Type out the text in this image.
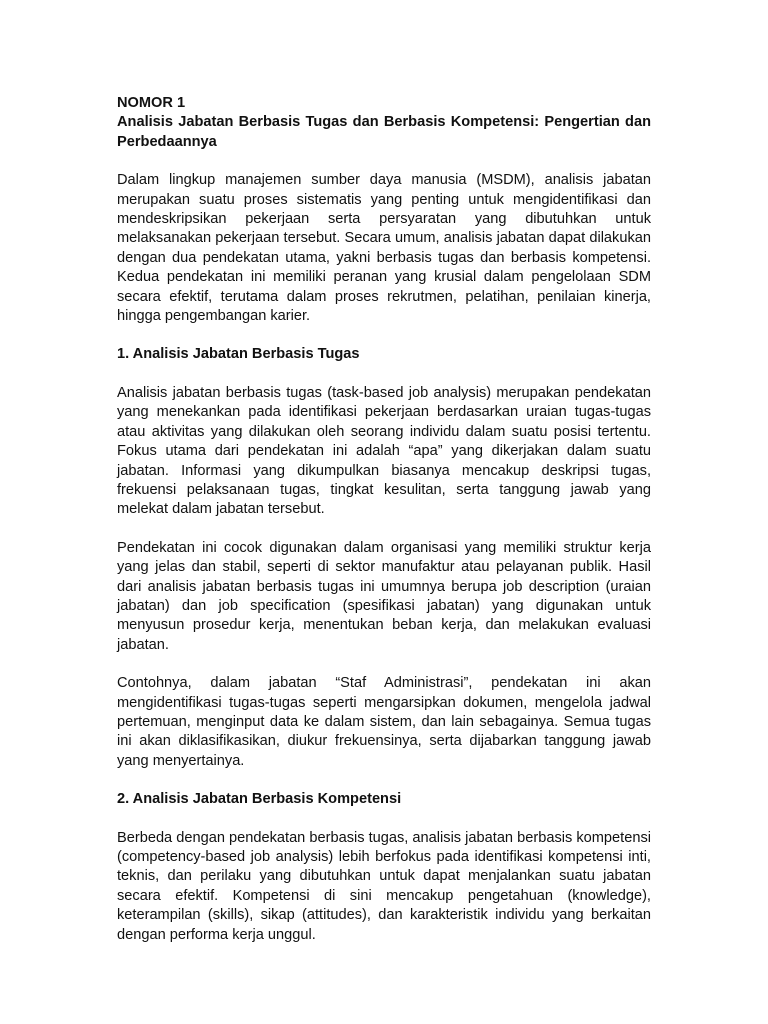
NOMOR 1

Analisis Jabatan Berbasis Tugas dan Berbasis Kompetensi: Pengertian dan Perbedaannya

Dalam lingkup manajemen sumber daya manusia (MSDM), analisis jabatan merupakan suatu proses sistematis yang penting untuk mengidentifikasi dan mendeskripsikan pekerjaan serta persyaratan yang dibutuhkan untuk melaksanakan pekerjaan tersebut. Secara umum, analisis jabatan dapat dilakukan dengan dua pendekatan utama, yakni berbasis tugas dan berbasis kompetensi. Kedua pendekatan ini memiliki peranan yang krusial dalam pengelolaan SDM secara efektif, terutama dalam proses rekrutmen, pelatihan, penilaian kinerja, hingga pengembangan karier.

1. Analisis Jabatan Berbasis Tugas

Analisis jabatan berbasis tugas (task-based job analysis) merupakan pendekatan yang menekankan pada identifikasi pekerjaan berdasarkan uraian tugas-tugas atau aktivitas yang dilakukan oleh seorang individu dalam suatu posisi tertentu. Fokus utama dari pendekatan ini adalah “apa” yang dikerjakan dalam suatu jabatan. Informasi yang dikumpulkan biasanya mencakup deskripsi tugas, frekuensi pelaksanaan tugas, tingkat kesulitan, serta tanggung jawab yang melekat dalam jabatan tersebut.

Pendekatan ini cocok digunakan dalam organisasi yang memiliki struktur kerja yang jelas dan stabil, seperti di sektor manufaktur atau pelayanan publik. Hasil dari analisis jabatan berbasis tugas ini umumnya berupa job description (uraian jabatan) dan job specification (spesifikasi jabatan) yang digunakan untuk menyusun prosedur kerja, menentukan beban kerja, dan melakukan evaluasi jabatan.

Contohnya, dalam jabatan “Staf Administrasi”, pendekatan ini akan mengidentifikasi tugas-tugas seperti mengarsipkan dokumen, mengelola jadwal pertemuan, menginput data ke dalam sistem, dan lain sebagainya. Semua tugas ini akan diklasifikasikan, diukur frekuensinya, serta dijabarkan tanggung jawab yang menyertainya.

2. Analisis Jabatan Berbasis Kompetensi

Berbeda dengan pendekatan berbasis tugas, analisis jabatan berbasis kompetensi (competency-based job analysis) lebih berfokus pada identifikasi kompetensi inti, teknis, dan perilaku yang dibutuhkan untuk dapat menjalankan suatu jabatan secara efektif. Kompetensi di sini mencakup pengetahuan (knowledge), keterampilan (skills), sikap (attitudes), dan karakteristik individu yang berkaitan dengan performa kerja unggul.
